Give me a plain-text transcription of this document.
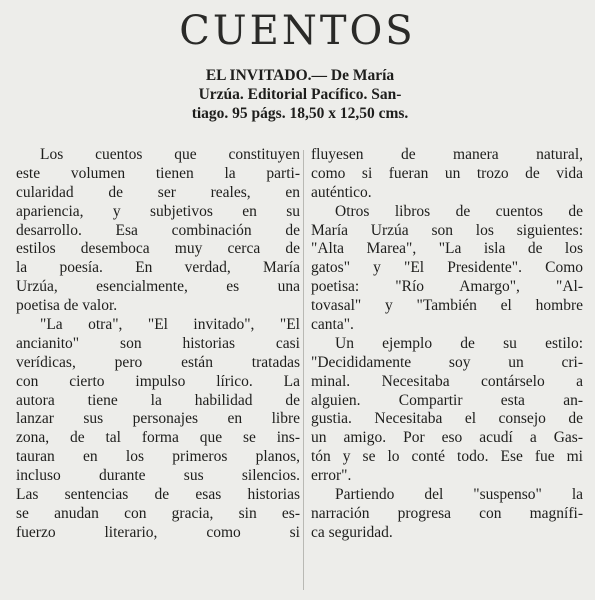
CUENTOS
EL INVITADO.— De María
Urzúa. Editorial Pacífico. San-
tiago. 95 págs. 18,50 x 12,50 cms.
Los cuentos que constituyen
este volumen tienen la parti-
cularidad de ser reales, en
apariencia, y subjetivos en su
desarrollo. Esa combinación de
estilos desemboca muy cerca de
la poesía. En verdad, María
Urzúa, esencialmente, es una
poetisa de valor.
"La otra", "El invitado", "El
ancianito" son historias casi
verídicas, pero están tratadas
con cierto impulso lírico. La
autora tiene la habilidad de
lanzar sus personajes en libre
zona, de tal forma que se ins-
tauran en los primeros planos,
incluso durante sus silencios.
Las sentencias de esas historias
se anudan con gracia, sin es-
fuerzo literario, como si
fluyesen de manera natural,
como si fueran un trozo de vida
auténtico.
Otros libros de cuentos de
María Urzúa son los siguientes:
"Alta Marea", "La isla de los
gatos" y "El Presidente". Como
poetisa: "Río Amargo", "Al-
tovasal" y "También el hombre
canta".
Un ejemplo de su estilo:
"Decididamente soy un cri-
minal. Necesitaba contárselo a
alguien. Compartir esta an-
gustia. Necesitaba el consejo de
un amigo. Por eso acudí a Gas-
tón y se lo conté todo. Ese fue mi
error".
Partiendo del "suspenso" la
narración progresa con magnífi-
ca seguridad.
